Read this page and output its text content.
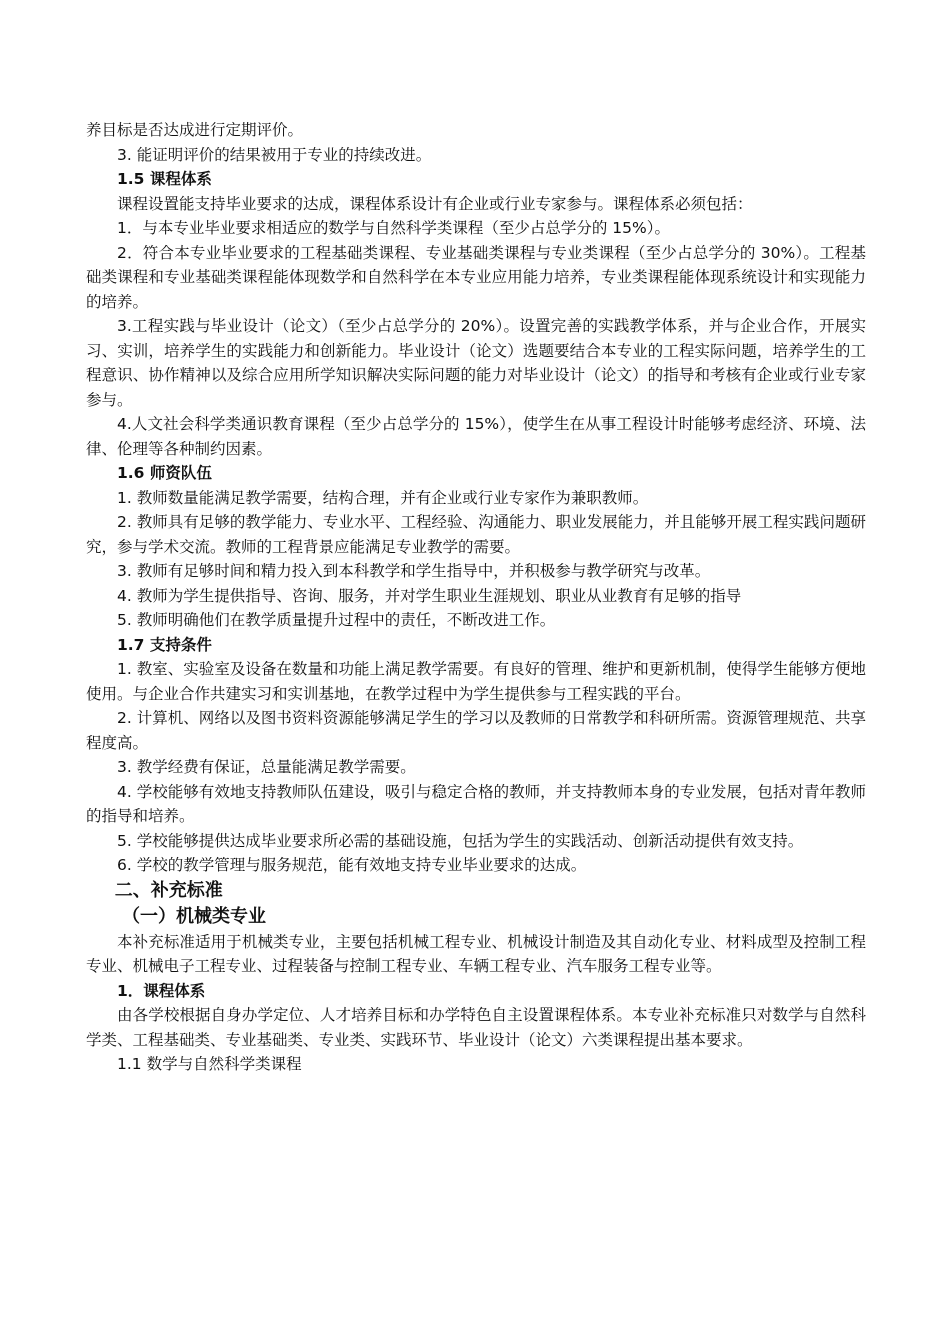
养目标是否达成进行定期评价。

3. 能证明评价的结果被用于专业的持续改进。

1.5 课程体系

课程设置能支持毕业要求的达成，课程体系设计有企业或行业专家参与。课程体系必须包括：

1．与本专业毕业要求相适应的数学与自然科学类课程（至少占总学分的 15%）。

2．符合本专业毕业要求的工程基础类课程、专业基础类课程与专业类课程（至少占总学分的 30%）。工程基础类课程和专业基础类课程能体现数学和自然科学在本专业应用能力培养，专业类课程能体现系统设计和实现能力的培养。

3.工程实践与毕业设计（论文）（至少占总学分的 20%）。设置完善的实践教学体系，并与企业合作，开展实习、实训，培养学生的实践能力和创新能力。毕业设计（论文）选题要结合本专业的工程实际问题，培养学生的工程意识、协作精神以及综合应用所学知识解决实际问题的能力对毕业设计（论文）的指导和考核有企业或行业专家参与。

4.人文社会科学类通识教育课程（至少占总学分的 15%），使学生在从事工程设计时能够考虑经济、环境、法律、伦理等各种制约因素。

1.6 师资队伍

1. 教师数量能满足教学需要，结构合理，并有企业或行业专家作为兼职教师。

2. 教师具有足够的教学能力、专业水平、工程经验、沟通能力、职业发展能力，并且能够开展工程实践问题研究，参与学术交流。教师的工程背景应能满足专业教学的需要。

3. 教师有足够时间和精力投入到本科教学和学生指导中，并积极参与教学研究与改革。

4. 教师为学生提供指导、咨询、服务，并对学生职业生涯规划、职业从业教育有足够的指导

5. 教师明确他们在教学质量提升过程中的责任，不断改进工作。

1.7 支持条件

1. 教室、实验室及设备在数量和功能上满足教学需要。有良好的管理、维护和更新机制，使得学生能够方便地使用。与企业合作共建实习和实训基地，在教学过程中为学生提供参与工程实践的平台。

2. 计算机、网络以及图书资料资源能够满足学生的学习以及教师的日常教学和科研所需。资源管理规范、共享程度高。

3. 教学经费有保证，总量能满足教学需要。

4. 学校能够有效地支持教师队伍建设，吸引与稳定合格的教师，并支持教师本身的专业发展，包括对青年教师的指导和培养。

5. 学校能够提供达成毕业要求所必需的基础设施，包括为学生的实践活动、创新活动提供有效支持。

6. 学校的教学管理与服务规范，能有效地支持专业毕业要求的达成。

二、补充标准

（一）机械类专业

本补充标准适用于机械类专业，主要包括机械工程专业、机械设计制造及其自动化专业、材料成型及控制工程专业、机械电子工程专业、过程装备与控制工程专业、车辆工程专业、汽车服务工程专业等。

1．课程体系

由各学校根据自身办学定位、人才培养目标和办学特色自主设置课程体系。本专业补充标准只对数学与自然科学类、工程基础类、专业基础类、专业类、实践环节、毕业设计（论文）六类课程提出基本要求。

1.1 数学与自然科学类课程
